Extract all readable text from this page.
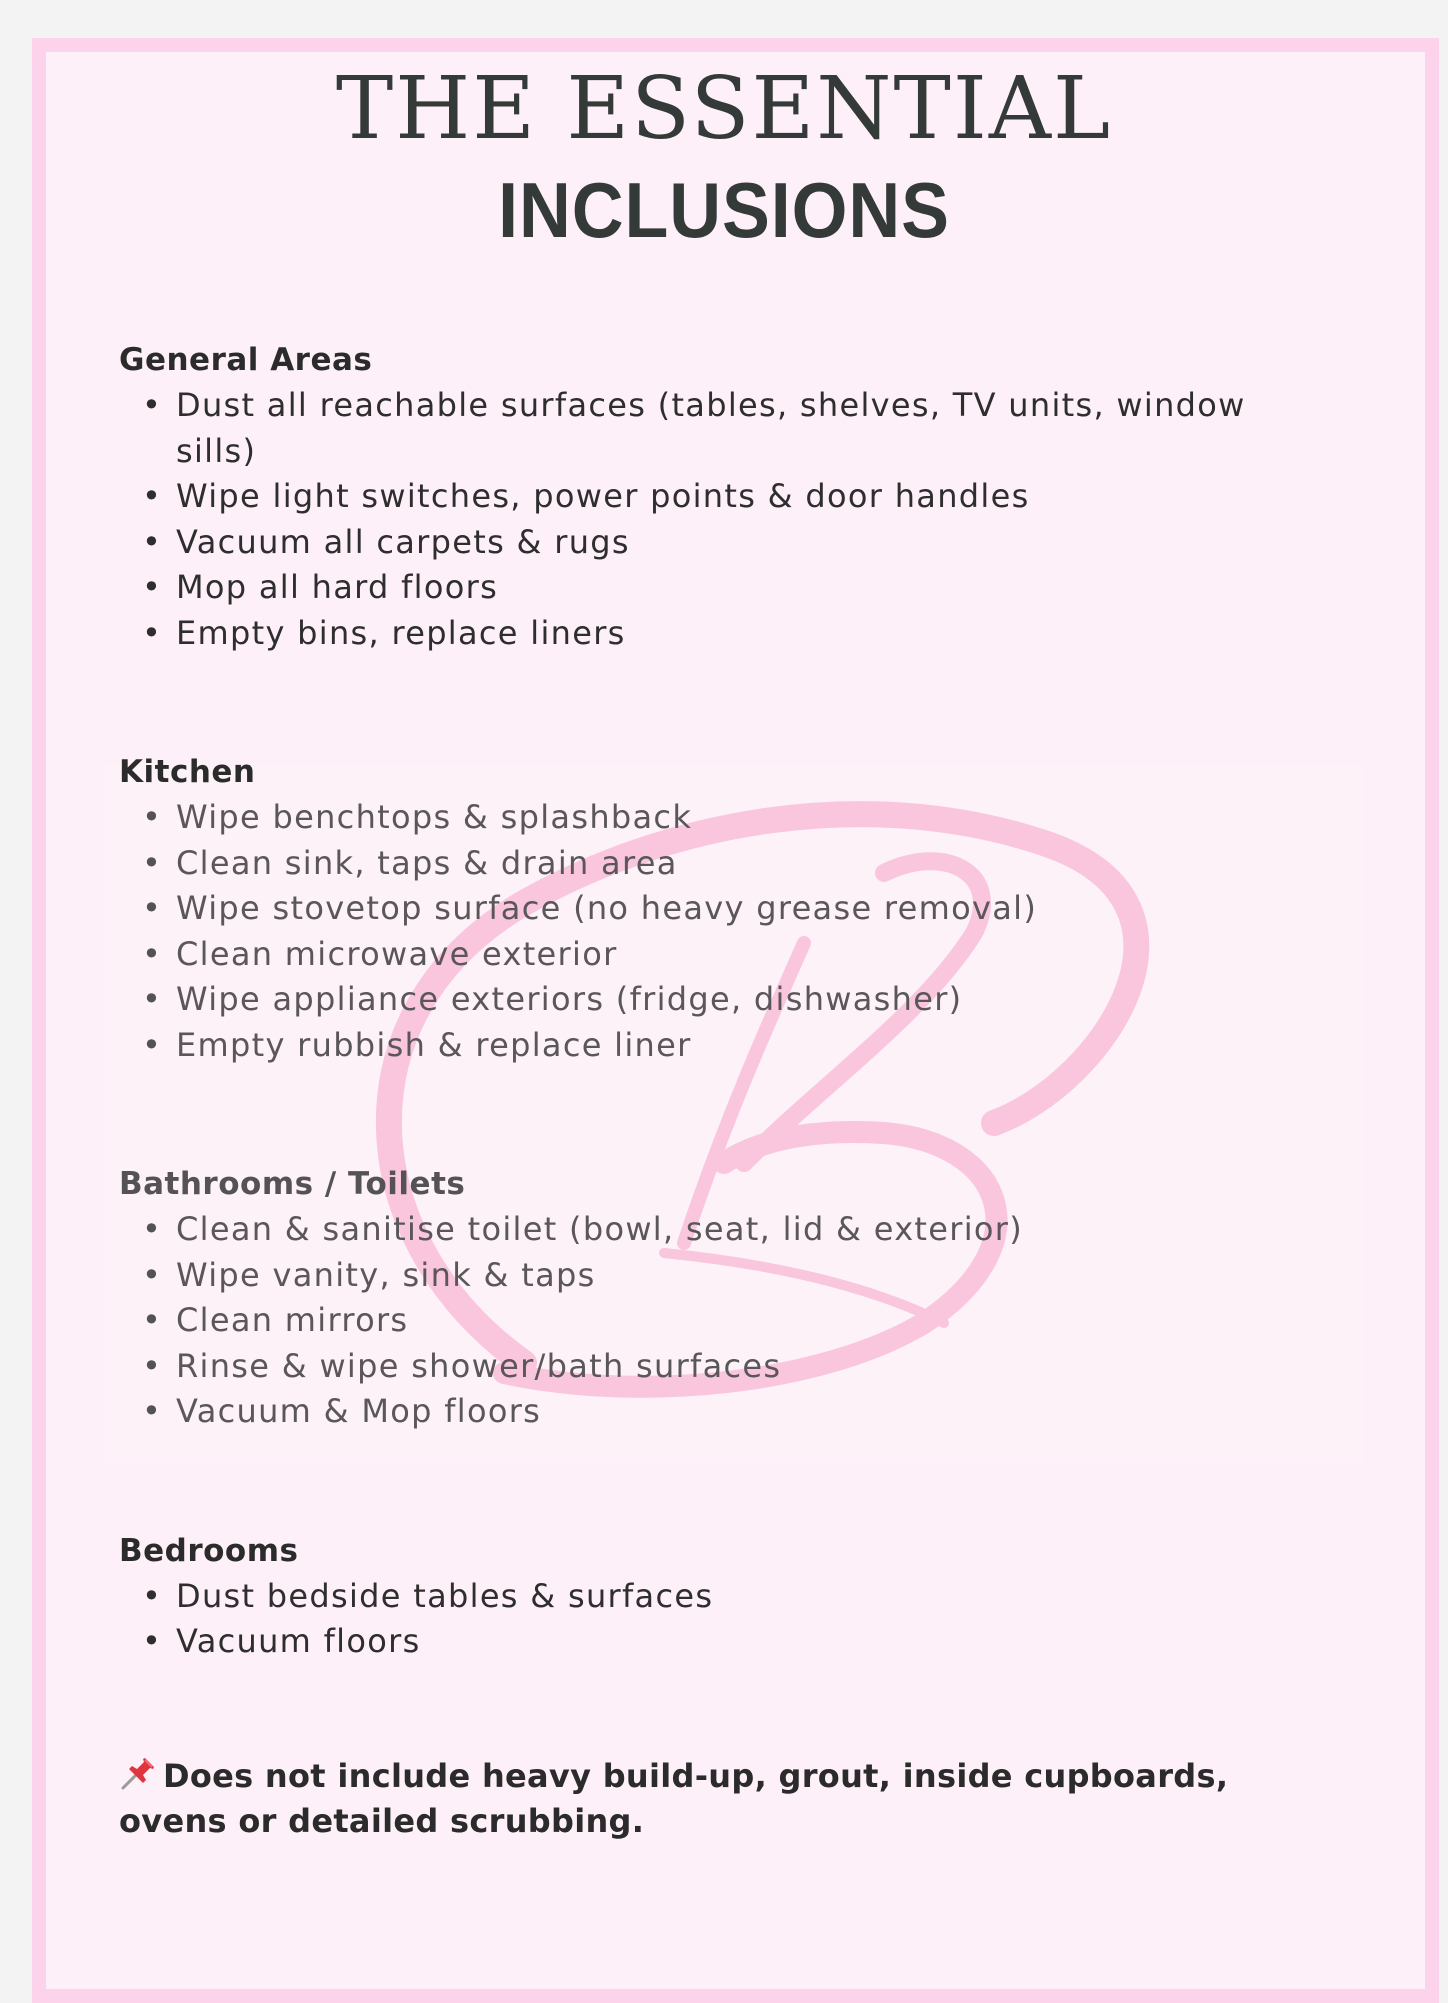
THE ESSENTIAL
INCLUSIONS
General Areas
• Dust all reachable surfaces (tables, shelves, TV units, window sills)
• Wipe light switches, power points & door handles
• Vacuum all carpets & rugs
• Mop all hard floors
• Empty bins, replace liners
Kitchen
• Wipe benchtops & splashback
• Clean sink, taps & drain area
• Wipe stovetop surface (no heavy grease removal)
• Clean microwave exterior
• Wipe appliance exteriors (fridge, dishwasher)
• Empty rubbish & replace liner
Bathrooms / Toilets
• Clean & sanitise toilet (bowl, seat, lid & exterior)
• Wipe vanity, sink & taps
• Clean mirrors
• Rinse & wipe shower/bath surfaces
• Vacuum & Mop floors
Bedrooms
• Dust bedside tables & surfaces
• Vacuum floors
Does not include heavy build-up, grout, inside cupboards, ovens or detailed scrubbing.
